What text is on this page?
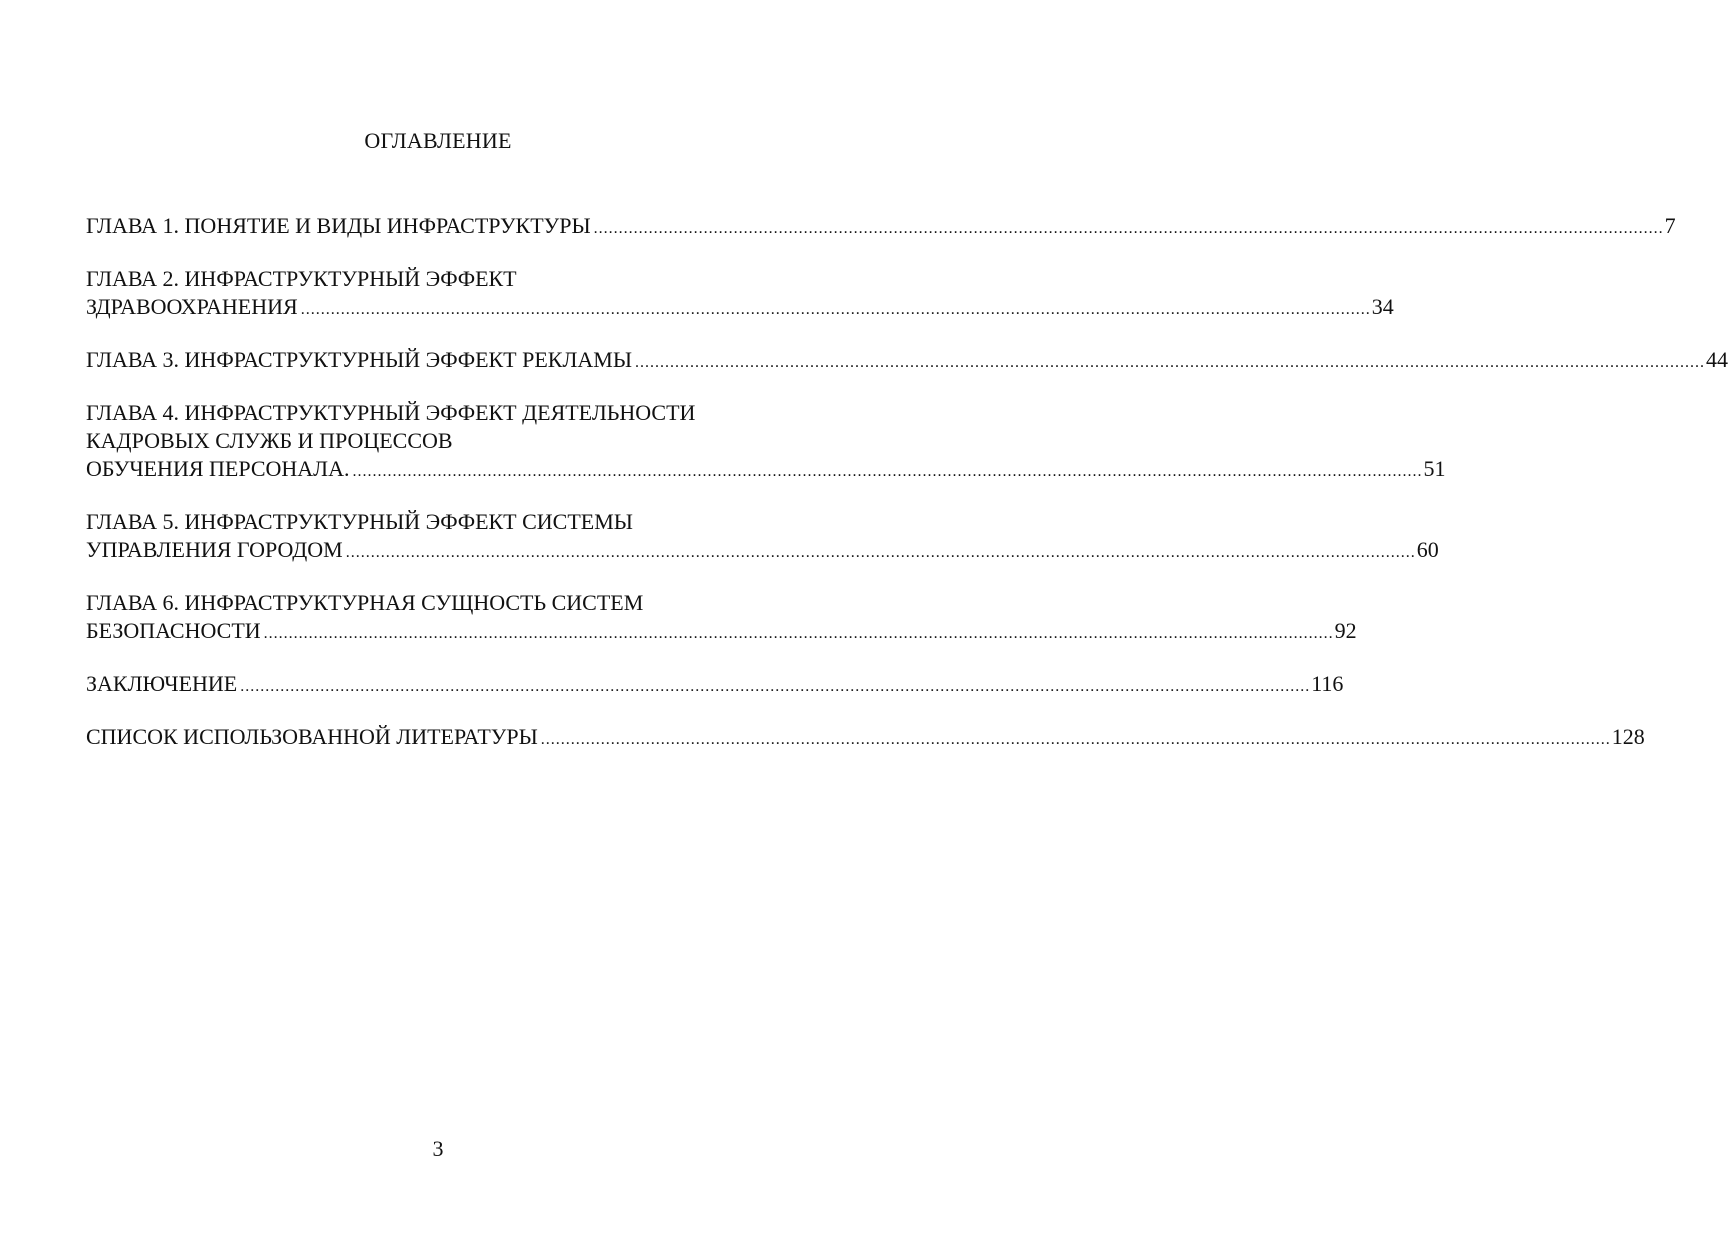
ОГЛАВЛЕНИЕ
ГЛАВА 1. ПОНЯТИЕ И ВИДЫ ИНФРАСТРУКТУРЫ ...................................................................................................................................................................................................................... 7
ГЛАВА 2. ИНФРАСТРУКТУРНЫЙ ЭФФЕКТ
ЗДРАВООХРАНЕНИЯ ...................................................................................................................................................................................................................... 34
ГЛАВА 3. ИНФРАСТРУКТУРНЫЙ ЭФФЕКТ РЕКЛАМЫ ...................................................................................................................................................................................................................... 44
ГЛАВА 4. ИНФРАСТРУКТУРНЫЙ ЭФФЕКТ ДЕЯТЕЛЬНОСТИ
КАДРОВЫХ СЛУЖБ И ПРОЦЕССОВ
ОБУЧЕНИЯ ПЕРСОНАЛА. ...................................................................................................................................................................................................................... 51
ГЛАВА 5. ИНФРАСТРУКТУРНЫЙ ЭФФЕКТ СИСТЕМЫ
УПРАВЛЕНИЯ ГОРОДОМ ...................................................................................................................................................................................................................... 60
ГЛАВА 6. ИНФРАСТРУКТУРНАЯ СУЩНОСТЬ СИСТЕМ
БЕЗОПАСНОСТИ ...................................................................................................................................................................................................................... 92
ЗАКЛЮЧЕНИЕ ...................................................................................................................................................................................................................... 116
СПИСОК ИСПОЛЬЗОВАННОЙ ЛИТЕРАТУРЫ ...................................................................................................................................................................................................................... 128
3
